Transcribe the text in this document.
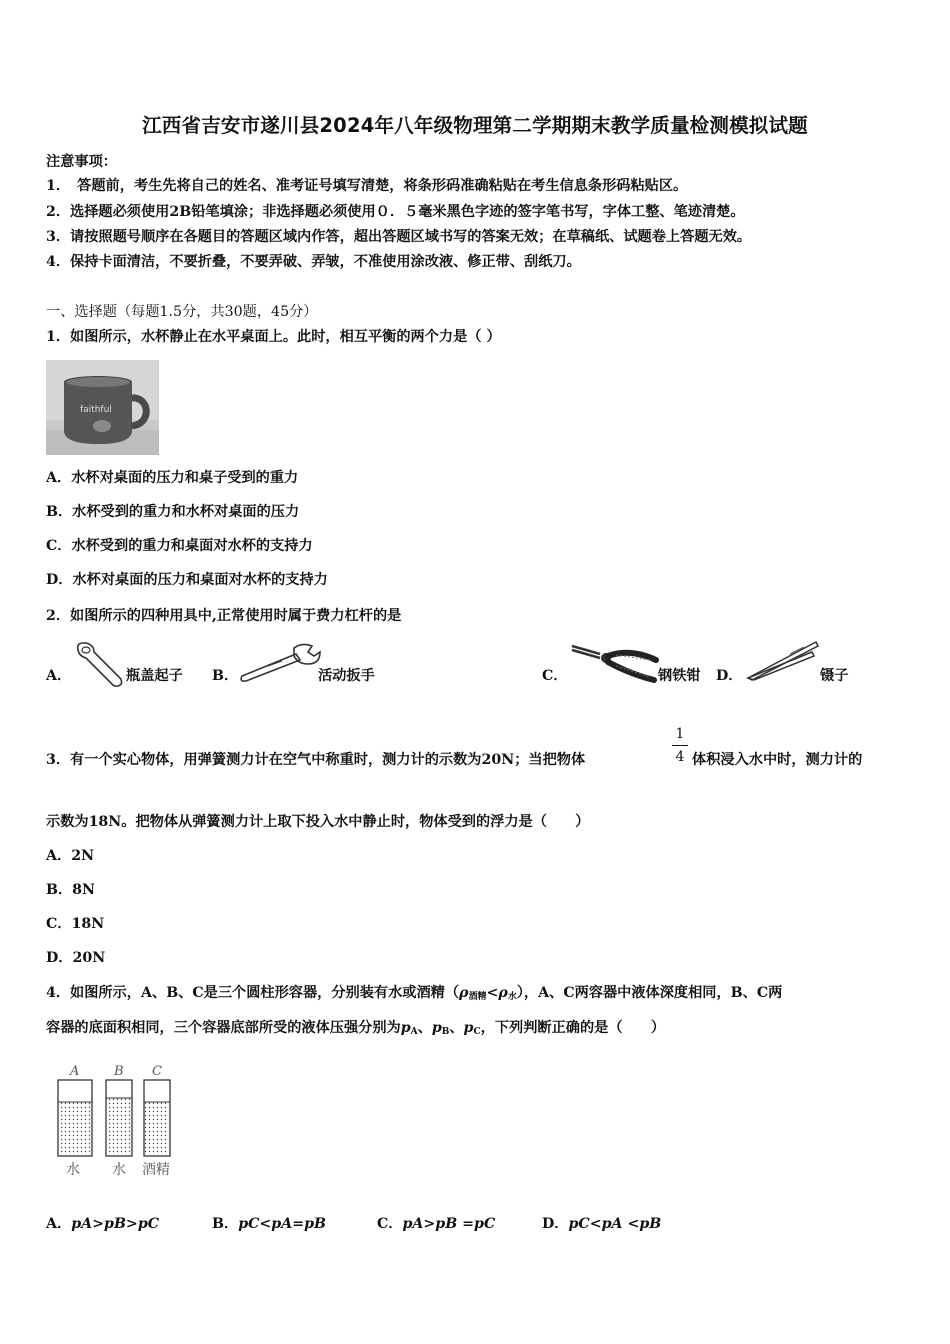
江西省吉安市遂川县2024年八年级物理第二学期期末教学质量检测模拟试题
注意事项：
1．　答题前，考生先将自己的姓名、准考证号填写清楚，将条形码准确粘贴在考生信息条形码粘贴区。
2．选择题必须使用2B铅笔填涂；非选择题必须使用０．５毫米黑色字迹的签字笔书写，字体工整、笔迹清楚。
3．请按照题号顺序在各题目的答题区域内作答，超出答题区域书写的答案无效；在草稿纸、试题卷上答题无效。
4．保持卡面清洁，不要折叠，不要弄破、弄皱，不准使用涂改液、修正带、刮纸刀。
一、选择题（每题1.5分，共30题，45分）
1．如图所示，水杯静止在水平桌面上。此时，相互平衡的两个力是（ ）
faithful
A．水杯对桌面的压力和桌子受到的重力
B．水杯受到的重力和水杯对桌面的压力
C．水杯受到的重力和桌面对水杯的支持力
D．水杯对桌面的压力和桌面对水杯的支持力
2．如图所示的四种用具中,正常使用时属于费力杠杆的是
A．	瓶盖起子 B．	活动扳手	C．	钢铁钳 D．	镊子
3．有一个实心物体，用弹簧测力计在空气中称重时，测力计的示数为20N；当把物体
1
4 体积浸入水中时，测力计的
示数为18N。把物体从弹簧测力计上取下投入水中静止时，物体受到的浮力是（　　）
A．2N
B．8N
C．18N
D．20N
4．如图所示，A、B、C是三个圆柱形容器，分别装有水或酒精$(\rho_{酒精}<\rho_水)$，A、C两容器中液体深度相同，B、C两
容器的底面积相同，三个容器底部所受的液体压强分别为$p_A$、$p_B$、$p_C$，下列判断正确的是（　　）
A
水
B
水
C
酒精
A．pA>pB>pC	B．pC<pA=pB	C．pA>pB =pC	D．pC<pA <pB
